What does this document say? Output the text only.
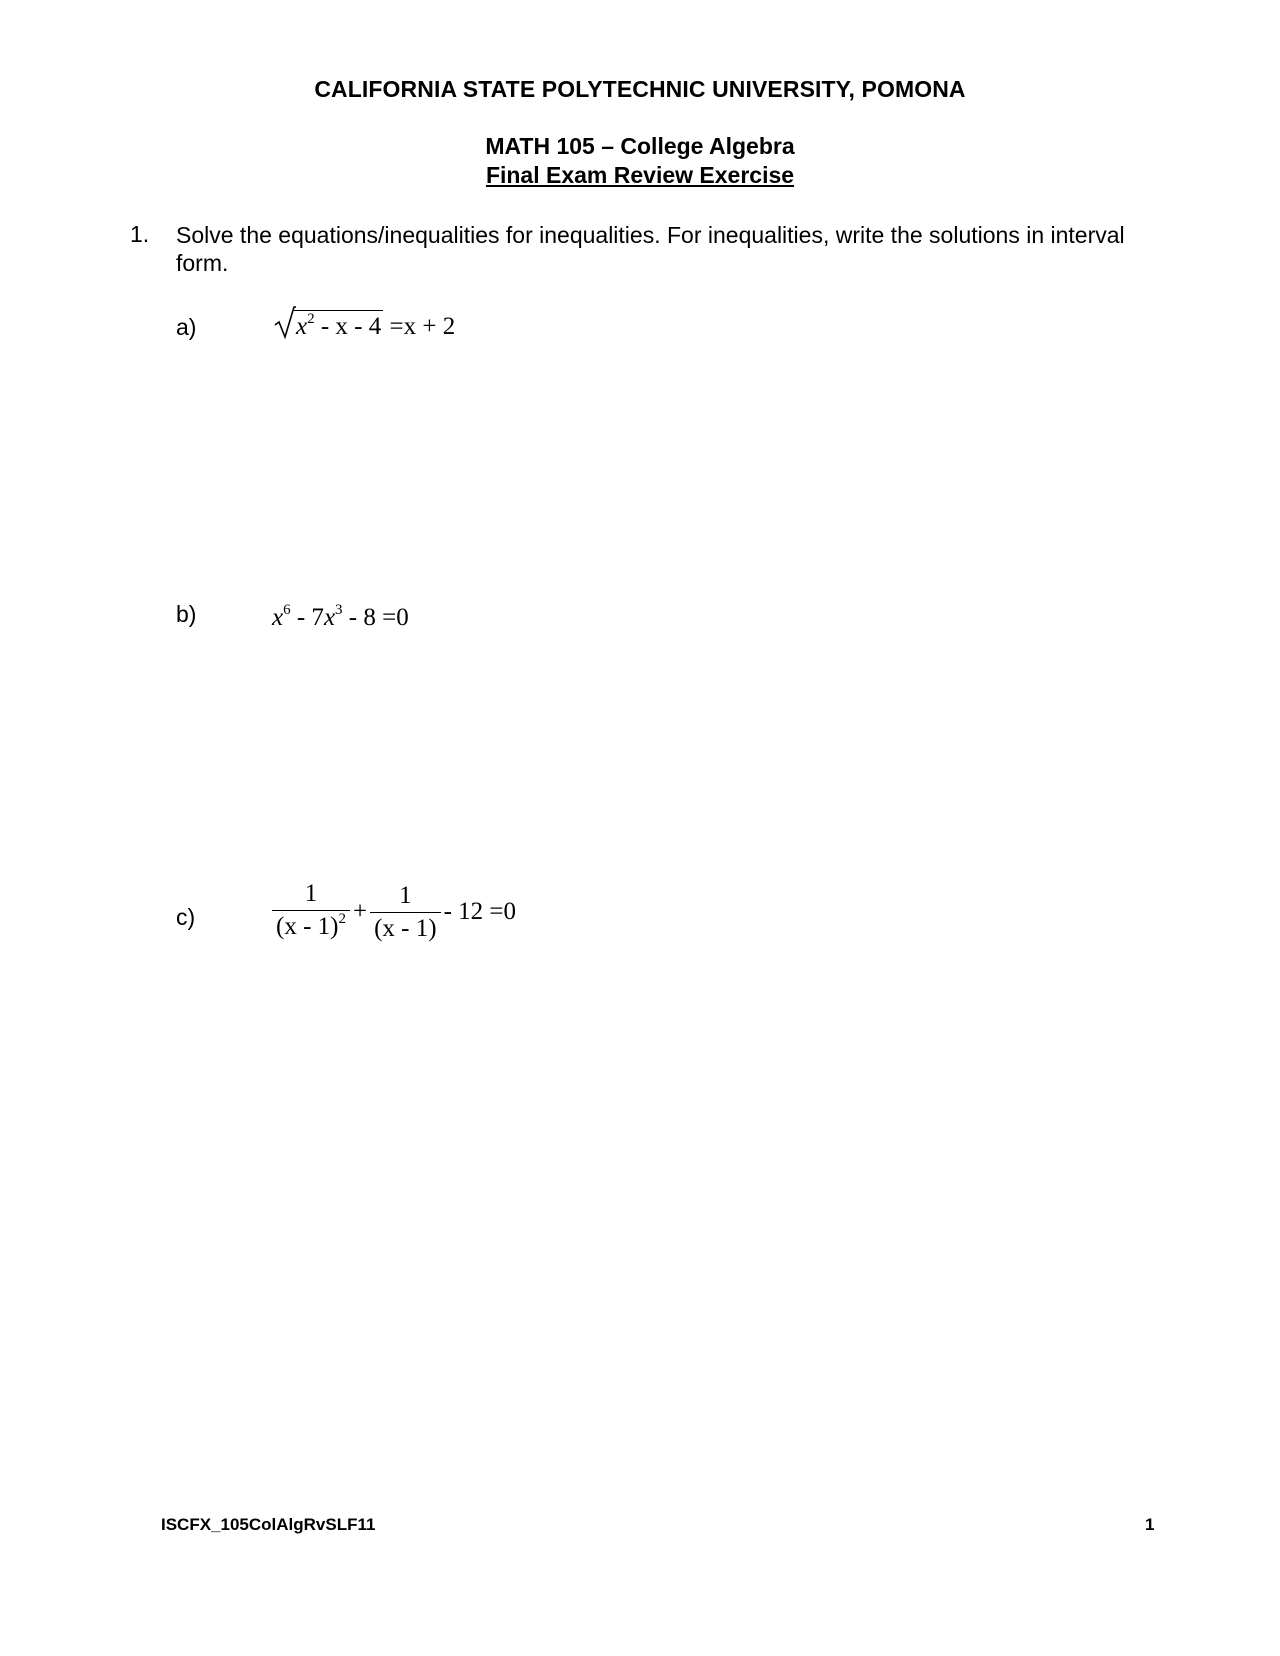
CALIFORNIA STATE POLYTECHNIC UNIVERSITY, POMONA
MATH 105 – College Algebra
Final Exam Review Exercise
1. Solve the equations/inequalities for inequalities. For inequalities, write the solutions in interval form.
a)	$x^2 - x - 4 =x + 2$
b)	$x^6 - 7x^3 - 8 =0$
c)	$\frac{1}{(x - 1)^2} + \frac{1}{(x - 1)} - 12 =0$
ISCFX_105ColAlgRvSLF11	1
